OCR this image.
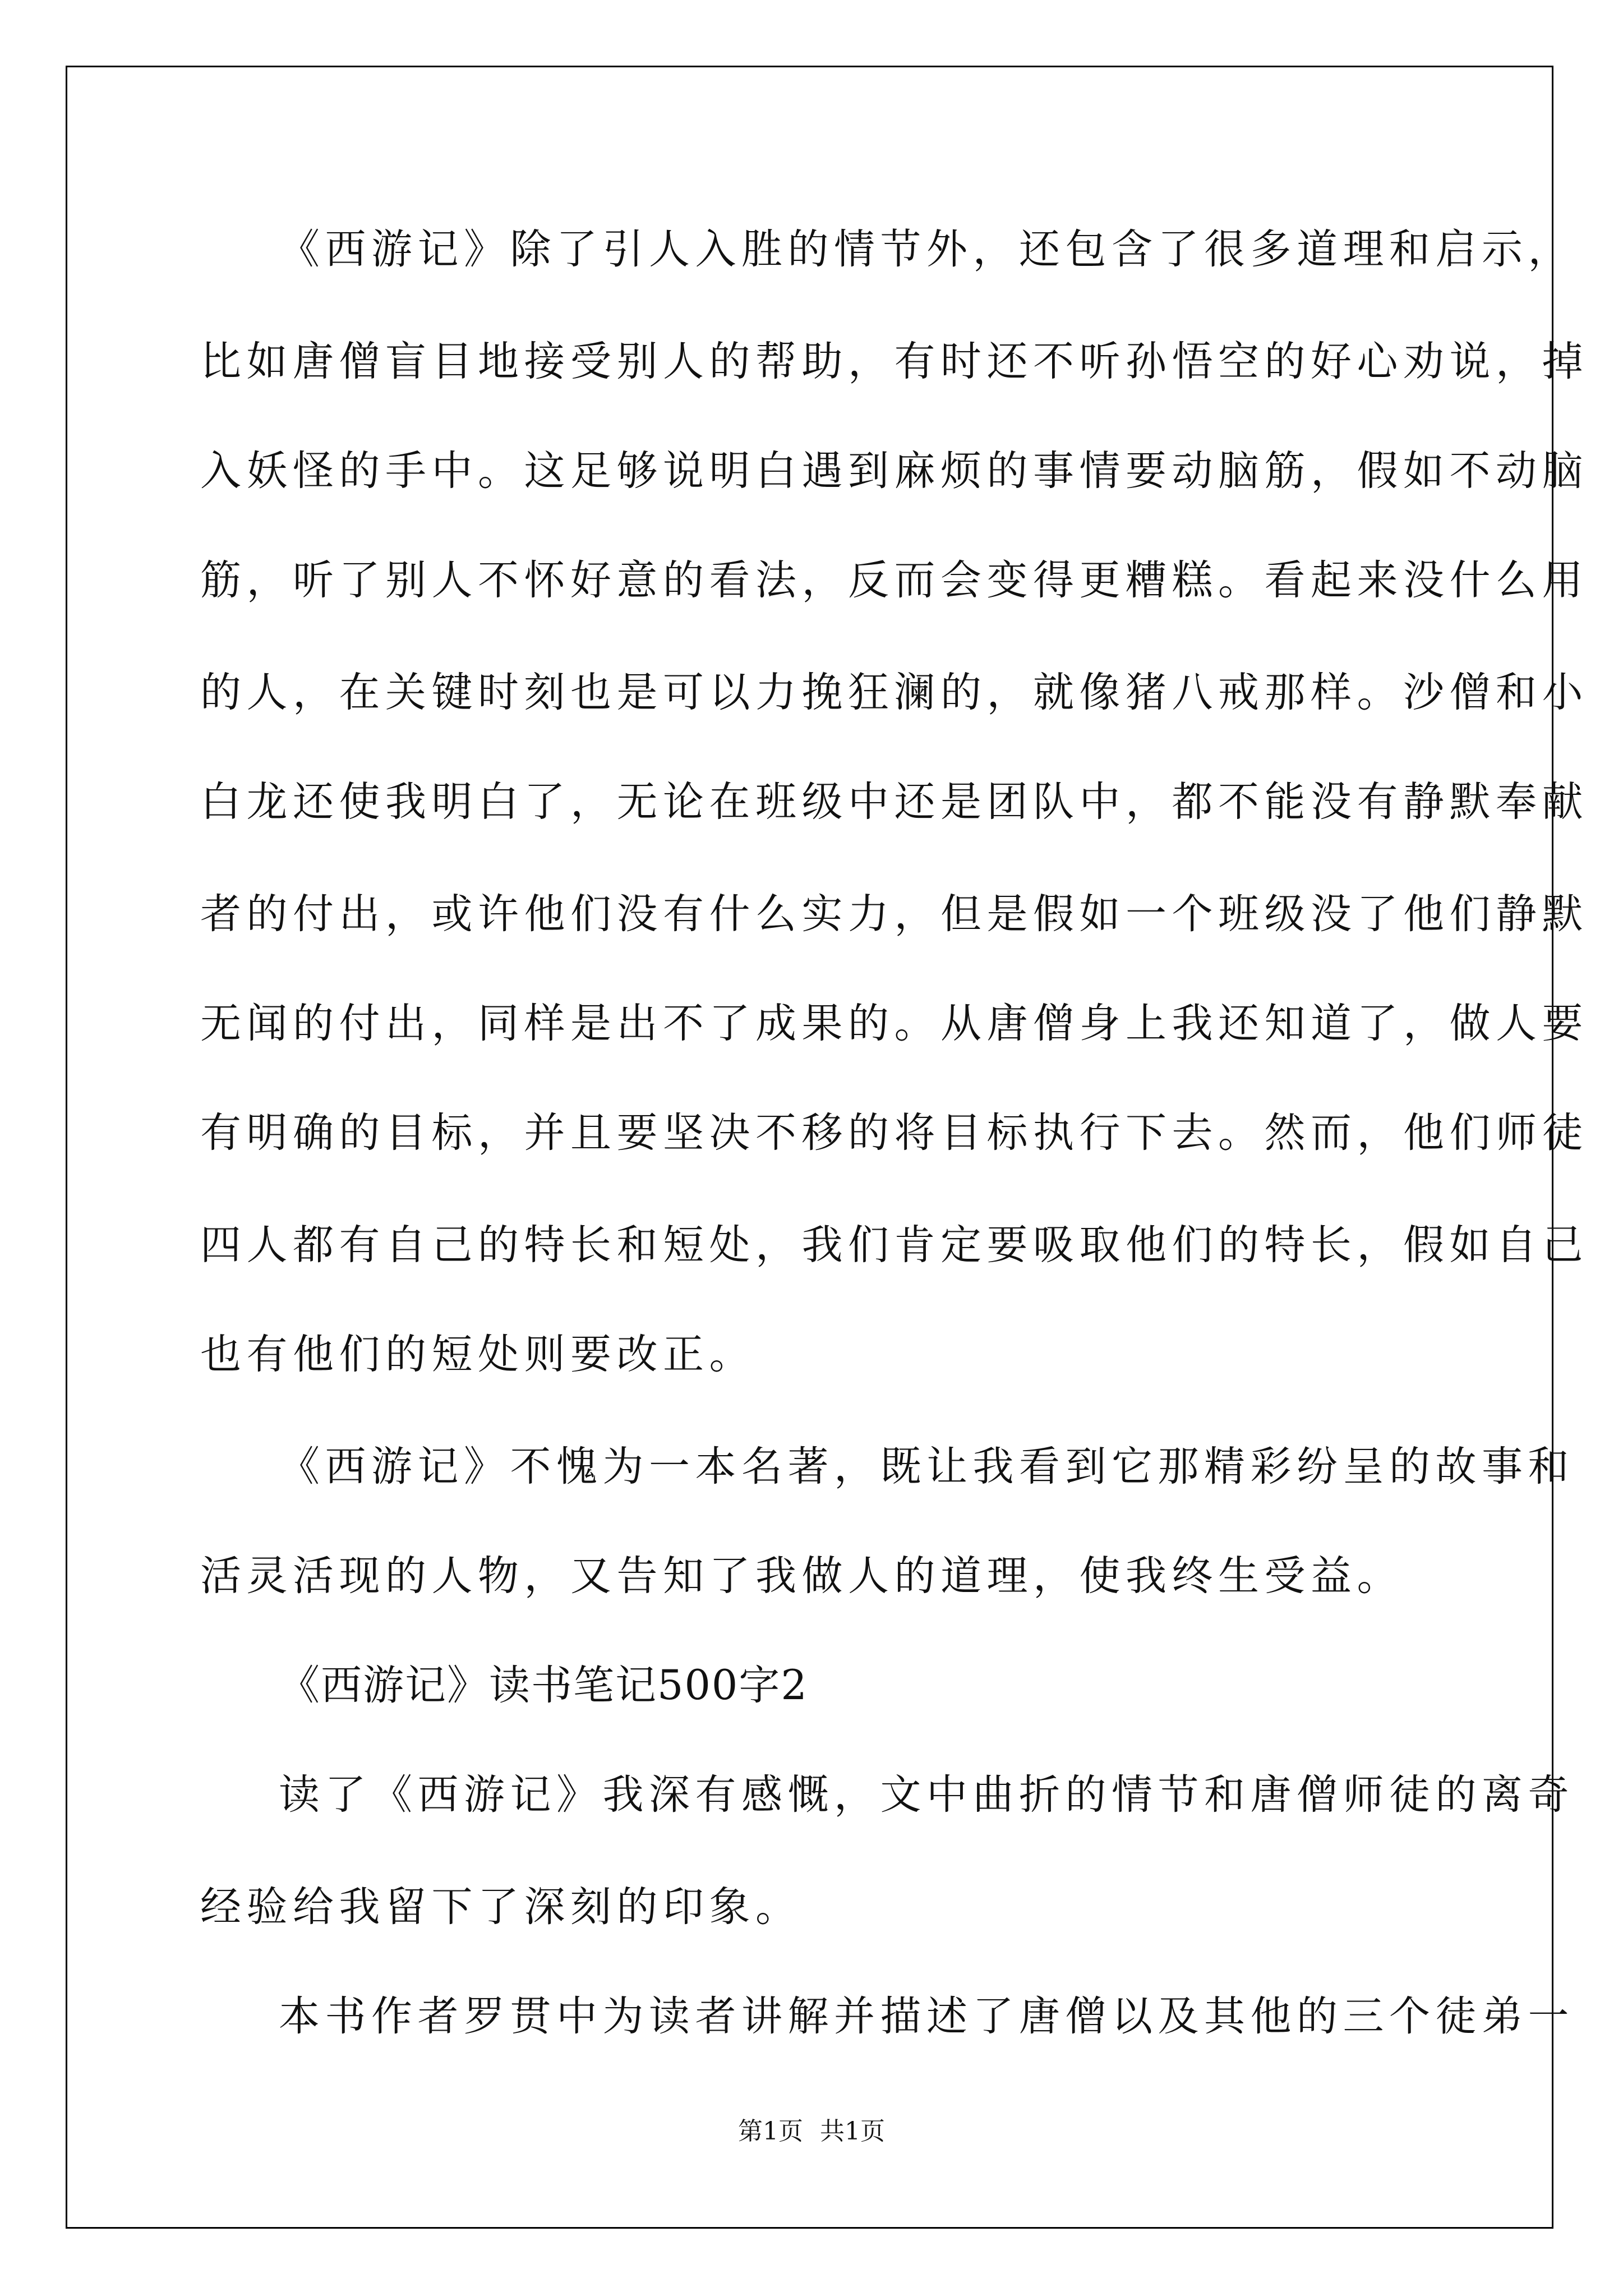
《西游记》除了引人入胜的情节外，还包含了很多道理和启示，
比如唐僧盲目地接受别人的帮助，有时还不听孙悟空的好心劝说，掉
入妖怪的手中。这足够说明白遇到麻烦的事情要动脑筋，假如不动脑
筋，听了别人不怀好意的看法，反而会变得更糟糕。看起来没什么用
的人，在关键时刻也是可以力挽狂澜的，就像猪八戒那样。沙僧和小
白龙还使我明白了，无论在班级中还是团队中，都不能没有静默奉献
者的付出，或许他们没有什么实力，但是假如一个班级没了他们静默
无闻的付出，同样是出不了成果的。从唐僧身上我还知道了，做人要
有明确的目标，并且要坚决不移的将目标执行下去。然而，他们师徒
四人都有自己的特长和短处，我们肯定要吸取他们的特长，假如自己
也有他们的短处则要改正。
《西游记》不愧为一本名著，既让我看到它那精彩纷呈的故事和
活灵活现的人物，又告知了我做人的道理，使我终生受益。
《西游记》读书笔记500字2
读了《西游记》我深有感慨，文中曲折的情节和唐僧师徒的离奇
经验给我留下了深刻的印象。
本书作者罗贯中为读者讲解并描述了唐僧以及其他的三个徒弟一
第1页 共1页
